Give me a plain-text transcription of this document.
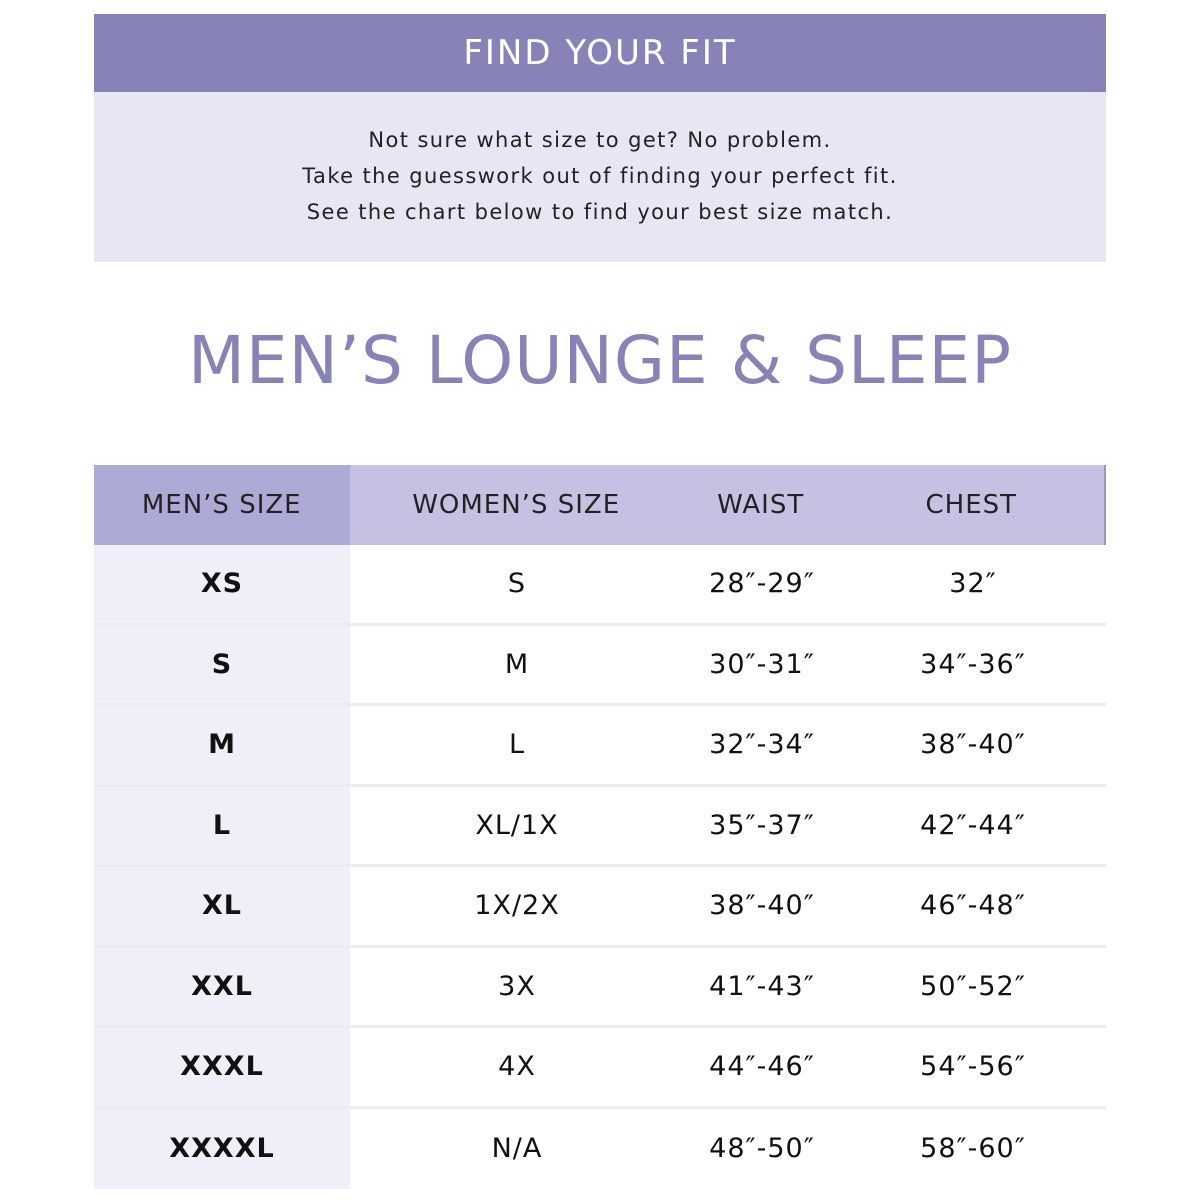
FIND YOUR FIT
Not sure what size to get? No problem.
Take the guesswork out of finding your perfect fit.
See the chart below to find your best size match.
MEN’S LOUNGE & SLEEP
MEN’S SIZE	WOMEN’S SIZE	WAIST	CHEST
XS	S	28″-29″	32″
S	M	30″-31″	34″-36″
M	L	32″-34″	38″-40″
L	XL/1X	35″-37″	42″-44″
XL	1X/2X	38″-40″	46″-48″
XXL	3X	41″-43″	50″-52″
XXXL	4X	44″-46″	54″-56″
XXXXL	N/A	48″-50″	58″-60″
